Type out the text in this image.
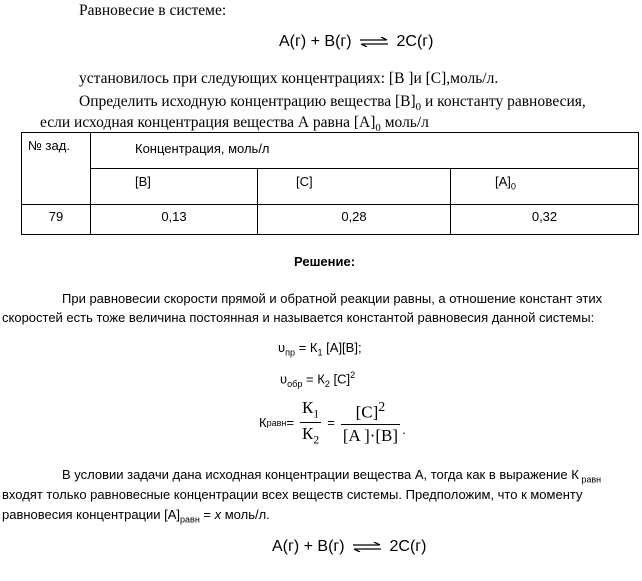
Равновесие в системе:
А(г) + В(г) ⇌ 2С(г)
установилось при следующих концентрациях: [В ]и [С],моль/л.
Определить исходную концентрацию вещества $[В]_0$ и константу равновесия,
если исходная концентрация вещества А равна $[А]_0$ моль/л
№ зад.	Концентрация, моль/л		

	[В]	[С]	$[А]_0$

79	0,13	0,28	0,32
Решение:
При равновесии скорости прямой и обратной реакции равны, а отношение констант этих
скоростей есть тоже величина постоянная и называется константой равновесия данной системы:
$\upsilon_{пр} = К_1$ [А][В];
$\upsilon_{обр} = К_2$ $[С]^2$
К равн = $\frac{К_1}{К_2} = \frac{[C]^2}{[A ]\cdot[B]}$ .
В условии задачи дана исходная концентрации вещества А, тогда как в выражение К $_{равн}$
входят только равновесные концентрации всех веществ системы. Предположим, что к моменту
равновесия концентрации $[А]_{равн} = х$ моль/л.
А(г) + В(г) ⇌ 2С(г)
